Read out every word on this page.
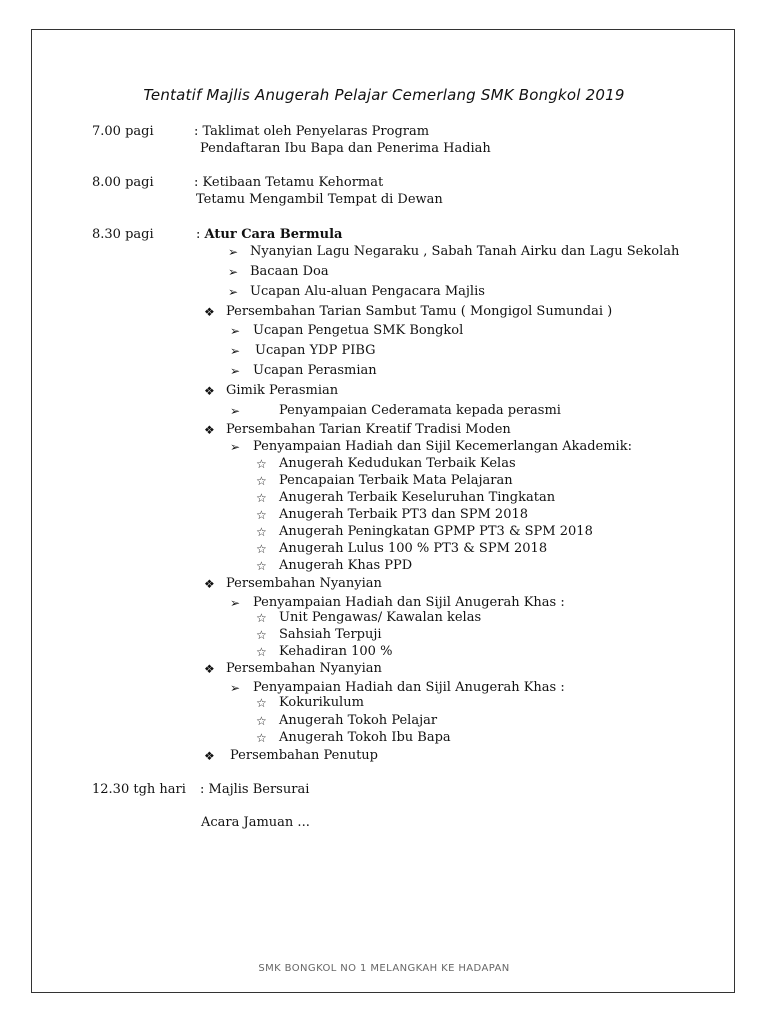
Tentatif Majlis Anugerah Pelajar Cemerlang SMK Bongkol 2019
7.00 pagi	: Taklimat oleh Penyelaras Program
Pendaftaran Ibu Bapa dan Penerima Hadiah
8.00 pagi	: Ketibaan Tetamu Kehormat
Tetamu Mengambil Tempat di Dewan
8.30 pagi	: Atur Cara Bermula
➢ Nyanyian Lagu Negaraku , Sabah Tanah Airku dan Lagu Sekolah
➢ Bacaan Doa
➢ Ucapan Alu-aluan Pengacara Majlis
❖ Persembahan Tarian Sambut Tamu ( Mongigol Sumundai )
➢ Ucapan Pengetua SMK Bongkol
➢	Ucapan YDP PIBG
➢ Ucapan Perasmian
❖ Gimik Perasmian
➢	Penyampaian Cederamata kepada perasmi
❖ Persembahan Tarian Kreatif Tradisi Moden
➢ Penyampaian Hadiah dan Sijil Kecemerlangan Akademik:
☆ Anugerah Kedudukan Terbaik Kelas
☆ Pencapaian Terbaik Mata Pelajaran
☆ Anugerah Terbaik Keseluruhan Tingkatan
☆ Anugerah Terbaik PT3 dan SPM 2018
☆ Anugerah Peningkatan GPMP PT3 & SPM 2018
☆ Anugerah Lulus 100 % PT3 & SPM 2018
☆ Anugerah Khas PPD
❖ Persembahan Nyanyian
➢ Penyampaian Hadiah dan Sijil Anugerah Khas :
☆ Unit Pengawas/ Kawalan kelas
☆ Sahsiah Terpuji
☆ Kehadiran 100 %
❖ Persembahan Nyanyian
➢ Penyampaian Hadiah dan Sijil Anugerah Khas :
☆ Kokurikulum
☆ Anugerah Tokoh Pelajar
☆ Anugerah Tokoh Ibu Bapa
❖	Persembahan Penutup
12.30 tgh hari : Majlis Bersurai
Acara Jamuan ...
SMK BONGKOL NO 1 MELANGKAH KE HADAPAN
